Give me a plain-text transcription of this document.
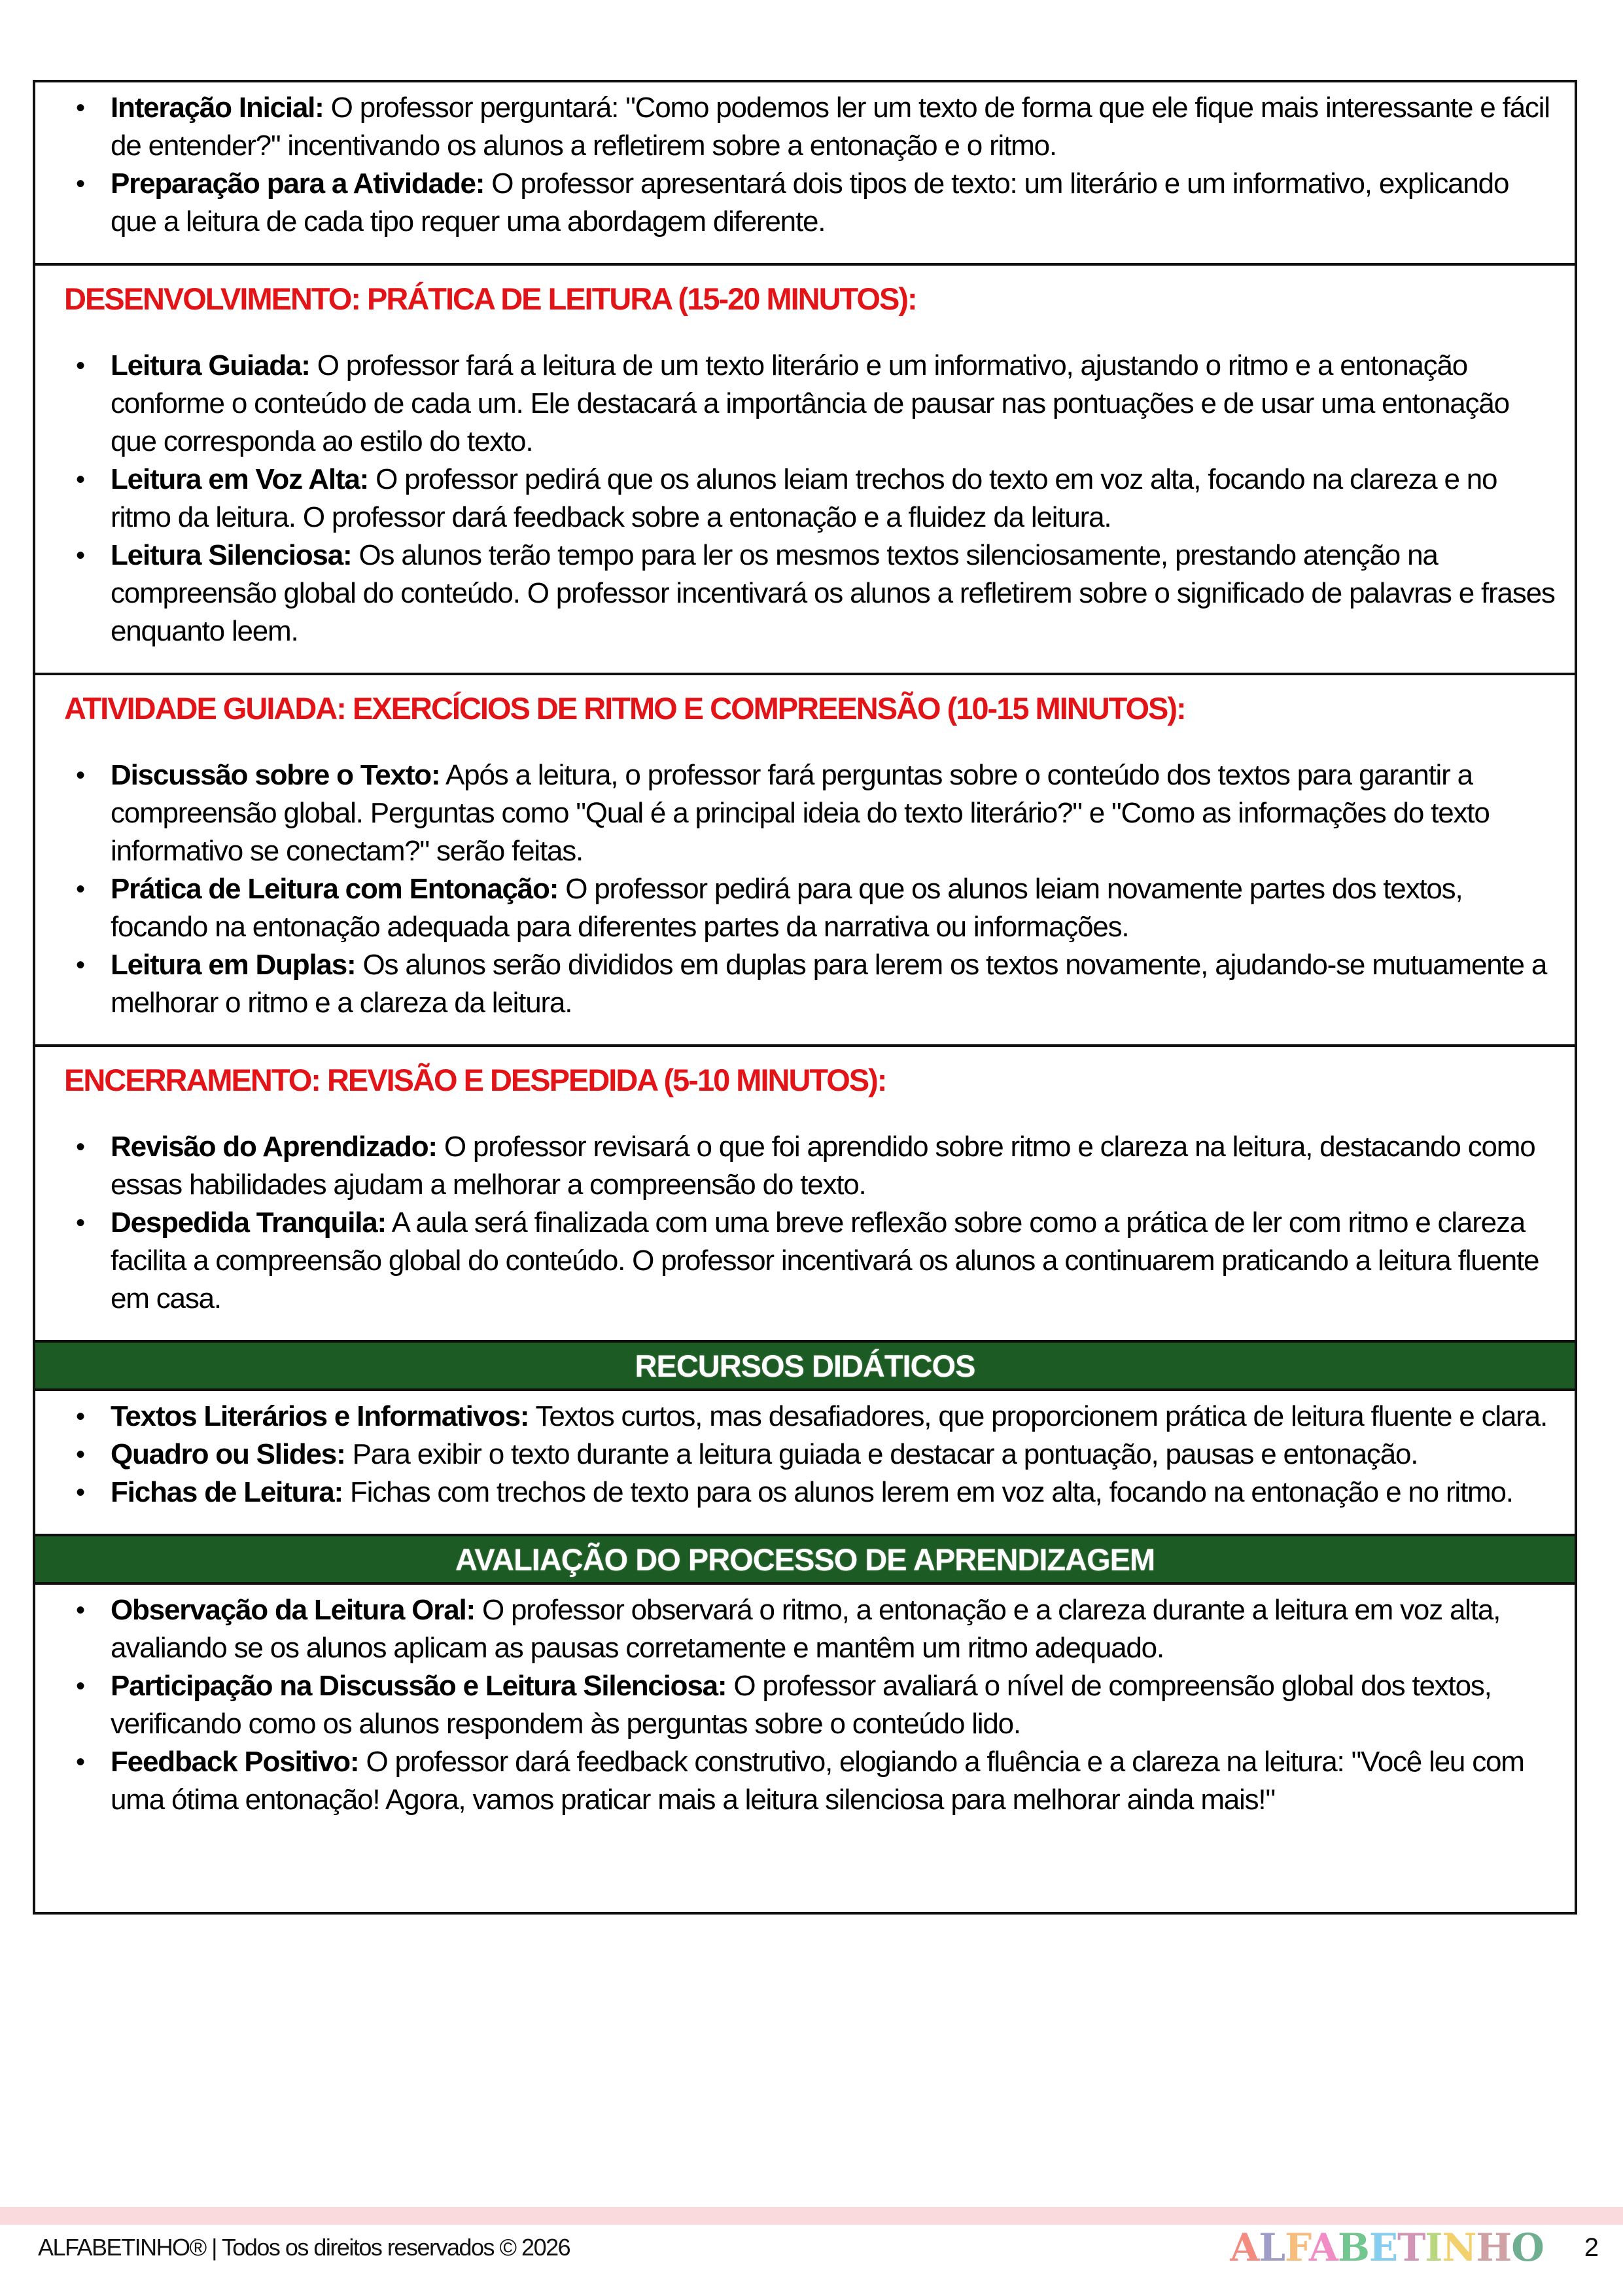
• Interação Inicial: O professor perguntará: "Como podemos ler um texto de forma que ele fique mais interessante e fácil de entender?" incentivando os alunos a refletirem sobre a entonação e o ritmo.
• Preparação para a Atividade: O professor apresentará dois tipos de texto: um literário e um informativo, explicando que a leitura de cada tipo requer uma abordagem diferente.
DESENVOLVIMENTO: PRÁTICA DE LEITURA (15-20 MINUTOS):
• Leitura Guiada: O professor fará a leitura de um texto literário e um informativo, ajustando o ritmo e a entonação conforme o conteúdo de cada um. Ele destacará a importância de pausar nas pontuações e de usar uma entonação que corresponda ao estilo do texto.
• Leitura em Voz Alta: O professor pedirá que os alunos leiam trechos do texto em voz alta, focando na clareza e no ritmo da leitura. O professor dará feedback sobre a entonação e a fluidez da leitura.
• Leitura Silenciosa: Os alunos terão tempo para ler os mesmos textos silenciosamente, prestando atenção na compreensão global do conteúdo. O professor incentivará os alunos a refletirem sobre o significado de palavras e frases enquanto leem.
ATIVIDADE GUIADA: EXERCÍCIOS DE RITMO E COMPREENSÃO (10-15 MINUTOS):
• Discussão sobre o Texto: Após a leitura, o professor fará perguntas sobre o conteúdo dos textos para garantir a compreensão global. Perguntas como "Qual é a principal ideia do texto literário?" e "Como as informações do texto informativo se conectam?" serão feitas.
• Prática de Leitura com Entonação: O professor pedirá para que os alunos leiam novamente partes dos textos, focando na entonação adequada para diferentes partes da narrativa ou informações.
• Leitura em Duplas: Os alunos serão divididos em duplas para lerem os textos novamente, ajudando-se mutuamente a melhorar o ritmo e a clareza da leitura.
ENCERRAMENTO: REVISÃO E DESPEDIDA (5-10 MINUTOS):
• Revisão do Aprendizado: O professor revisará o que foi aprendido sobre ritmo e clareza na leitura, destacando como essas habilidades ajudam a melhorar a compreensão do texto.
• Despedida Tranquila: A aula será finalizada com uma breve reflexão sobre como a prática de ler com ritmo e clareza facilita a compreensão global do conteúdo. O professor incentivará os alunos a continuarem praticando a leitura fluente em casa.
RECURSOS DIDÁTICOS
• Textos Literários e Informativos: Textos curtos, mas desafiadores, que proporcionem prática de leitura fluente e clara.
• Quadro ou Slides: Para exibir o texto durante a leitura guiada e destacar a pontuação, pausas e entonação.
• Fichas de Leitura: Fichas com trechos de texto para os alunos lerem em voz alta, focando na entonação e no ritmo.
AVALIAÇÃO DO PROCESSO DE APRENDIZAGEM
• Observação da Leitura Oral: O professor observará o ritmo, a entonação e a clareza durante a leitura em voz alta, avaliando se os alunos aplicam as pausas corretamente e mantêm um ritmo adequado.
• Participação na Discussão e Leitura Silenciosa: O professor avaliará o nível de compreensão global dos textos, verificando como os alunos respondem às perguntas sobre o conteúdo lido.
• Feedback Positivo: O professor dará feedback construtivo, elogiando a fluência e a clareza na leitura: "Você leu com uma ótima entonação! Agora, vamos praticar mais a leitura silenciosa para melhorar ainda mais!"
ALFABETINHO® | Todos os direitos reservados © 2026	ALFABETINHO 2
